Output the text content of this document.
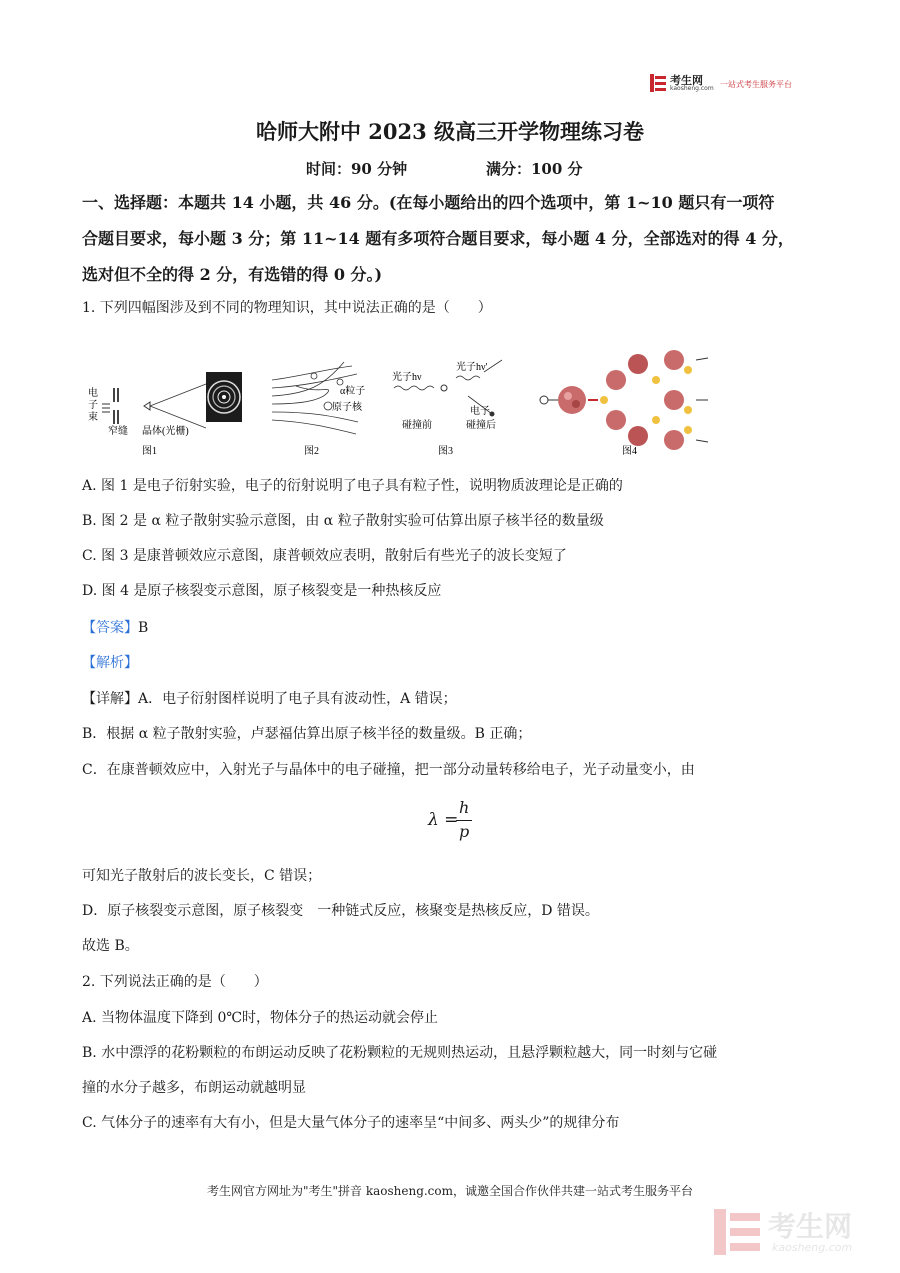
考生网
kaosheng.com 一站式考生服务平台
哈师大附中 2023 级高三开学物理练习卷
时间：90 分钟	满分：100 分
一、选择题：本题共 14 小题，共 46 分。(在每小题给出的四个选项中，第 1~10 题只有一项符
合题目要求，每小题 3 分；第 11~14 题有多项符合题目要求，每小题 4 分，全部选对的得 4 分，
选对但不全的得 2 分，有选错的得 0 分。)
1. 下列四幅图涉及到不同的物理知识，其中说法正确的是（　　）
电
子
束
窄缝 晶体(光栅)
图1
α粒子
原子核
图2
光子hν
光子hν'
电子
碰撞前	碰撞后
图3	图4
A. 图 1 是电子衍射实验，电子的衍射说明了电子具有粒子性，说明物质波理论是正确的
B. 图 2 是 α 粒子散射实验示意图，由 α 粒子散射实验可估算出原子核半径的数量级
C. 图 3 是康普顿效应示意图，康普顿效应表明，散射后有些光子的波长变短了
D. 图 4 是原子核裂变示意图，原子核裂变是一种热核反应
【答案】B
【解析】
【详解】A．电子衍射图样说明了电子具有波动性，A 错误；
B．根据 α 粒子散射实验，卢瑟福估算出原子核半径的数量级。B 正确；
C．在康普顿效应中，入射光子与晶体中的电子碰撞，把一部分动量转移给电子，光子动量变小，由
λ =
h
p
可知光子散射后的波长变长，C 错误；
D．原子核裂变示意图，原子核裂变　一种链式反应，核聚变是热核反应，D 错误。
故选 B。
2. 下列说法正确的是（　　）
A. 当物体温度下降到 0℃时，物体分子的热运动就会停止
B. 水中漂浮的花粉颗粒的布朗运动反映了花粉颗粒的无规则热运动，且悬浮颗粒越大，同一时刻与它碰
撞的水分子越多，布朗运动就越明显
C. 气体分子的速率有大有小，但是大量气体分子的速率呈“中间多、两头少”的规律分布
考生网官方网址为"考生"拼音 kaosheng.com，诚邀全国合作伙伴共建一站式考生服务平台
考生网
kaosheng.com
